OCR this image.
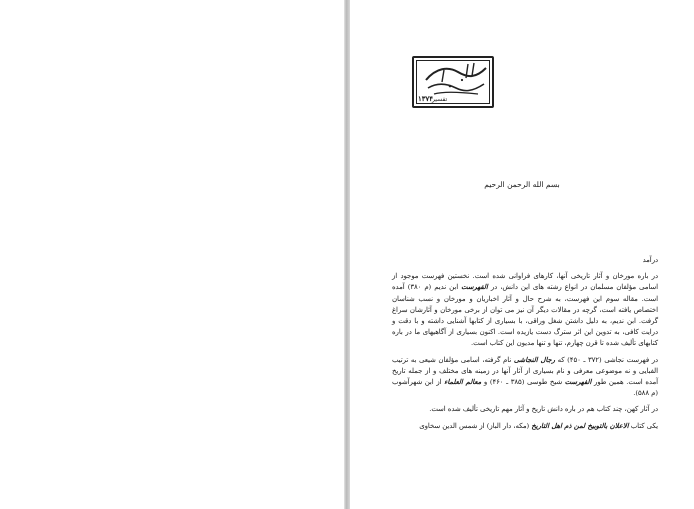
۱۳۷۴
تفسیر
بسم الله الرحمن الرحیم

درآمد

در باره مورخان و آثار تاریخی آنها، کارهای فراوانی شده است. نخستین فهرست موجود از اسامی مؤلفان مسلمان در انواع رشته های این دانش، در الفهرست ابن ندیم (م ۳۸۰) آمده است. مقاله سوم این فهرست، به شرح حال و آثار اخباریان و مورخان و نسب شناسان اختصاص یافته است، گرچه در مقالات دیگر آن نیز می توان از برخی مورخان و آثارشان سراغ گرفت. ابن ندیم، به دلیل داشتن شغل وراقی، با بسیاری از کتابها آشنایی داشته و با دقت و درایت کافی، به تدوین این اثر سترگ دست یازیده است. اکنون بسیاری از آگاهیهای ما در باره کتابهای تألیف شده تا قرن چهارم، تنها و تنها مدیون این کتاب است.

در فهرست نجاشی (۳۷۲ ـ ۴۵۰) که رجال النجاشی نام گرفته، اسامی مؤلفان شیعی به ترتیب الفبایی و نه موضوعی معرفی و نام بسیاری از آثار آنها در زمینه های مختلف و از جمله تاریخ آمده است. همین طور الفهرست شیخ طوسی (۳۸۵ ـ ۴۶۰) و معالم العلماء از ابن شهرآشوب (م ۵۸۸).

در آثار کهن، چند کتاب هم در باره دانش تاریخ و آثار مهم تاریخی تألیف شده است.

یکی کتاب الاعلان بالتوبیخ لمن ذم اهل التاریخ (مکه، دار الباز) از شمس الدین سخاوی
